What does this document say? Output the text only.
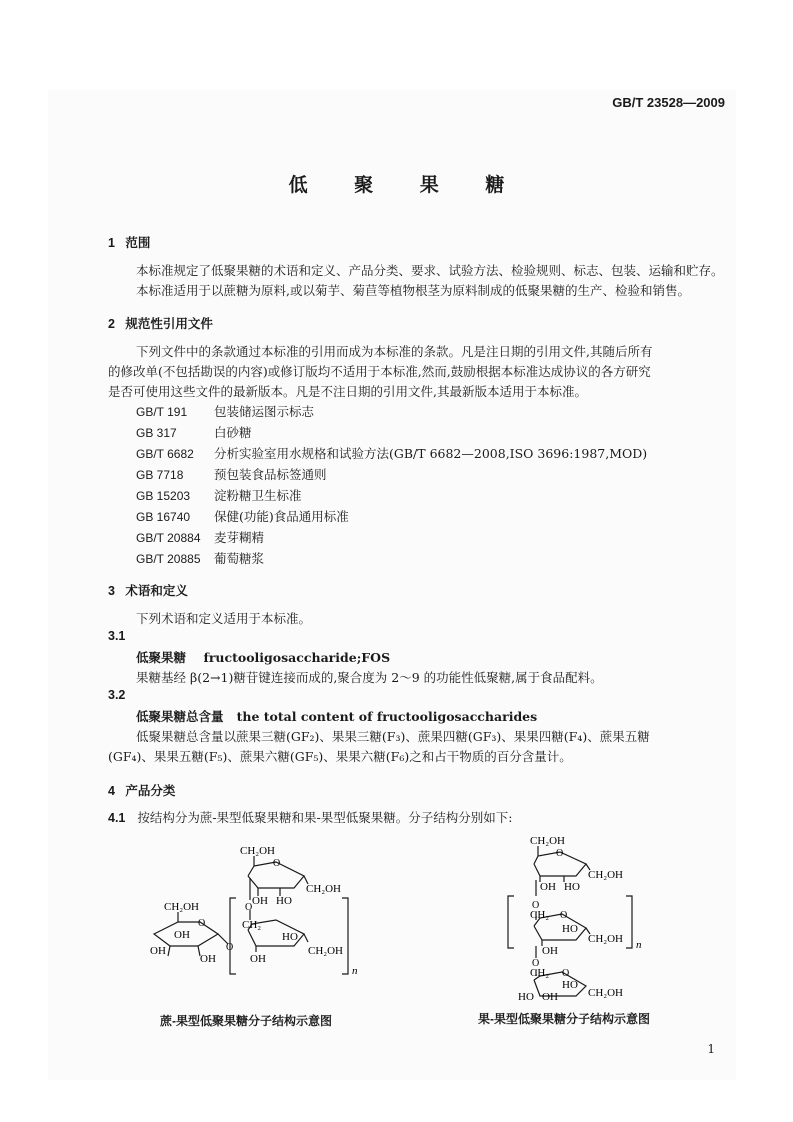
GB/T 23528—2009
低 聚 果 糖
1 范围
本标准规定了低聚果糖的术语和定义、产品分类、要求、试验方法、检验规则、标志、包装、运输和贮存。
本标准适用于以蔗糖为原料,或以菊芋、菊苣等植物根茎为原料制成的低聚果糖的生产、检验和销售。
2 规范性引用文件
下列文件中的条款通过本标准的引用而成为本标准的条款。凡是注日期的引用文件,其随后所有
的修改单(不包括勘误的内容)或修订版均不适用于本标准,然而,鼓励根据本标准达成协议的各方研究
是否可使用这些文件的最新版本。凡是不注日期的引用文件,其最新版本适用于本标准。
GB/T 191 包装储运图示标志
GB 317	白砂糖
GB/T 6682 分析实验室用水规格和试验方法(GB/T 6682—2008,ISO 3696:1987,MOD)
GB 7718 预包装食品标签通则
GB 15203 淀粉糖卫生标准
GB 16740 保健(功能)食品通用标准
GB/T 20884 麦芽糊精
GB/T 20885 葡萄糖浆
3 术语和定义
下列术语和定义适用于本标准。
3.1
低聚果糖 fructooligosaccharide;FOS
果糖基经 β(2→1)糖苷键连接而成的,聚合度为 2～9 的功能性低聚糖,属于食品配料。
3.2
低聚果糖总含量 the total content of fructooligosaccharides
低聚果糖总含量以蔗果三糖(GF₂)、果果三糖(F₃)、蔗果四糖(GF₃)、果果四糖(F₄)、蔗果五糖
(GF₄)、果果五糖(F₅)、蔗果六糖(GF₅)、果果六糖(F₆)之和占干物质的百分含量计。
4 产品分类
4.1 按结构分为蔗-果型低聚果糖和果-果型低聚果糖。分子结构分别如下:
CH₂OH
O
OH HO
CH₂OH
O
CH₂OH
O
OH
OH
OH
O
CH₂
HO
CH₂OH
OH
n
CH₂OH
O
OH HO
CH₂OH
O
CH₂ O
HO
CH₂OH
OH	n
O
CH₂ O
HO
HO OH	CH₂OH
蔗-果型低聚果糖分子结构示意图	果-果型低聚果糖分子结构示意图
1
